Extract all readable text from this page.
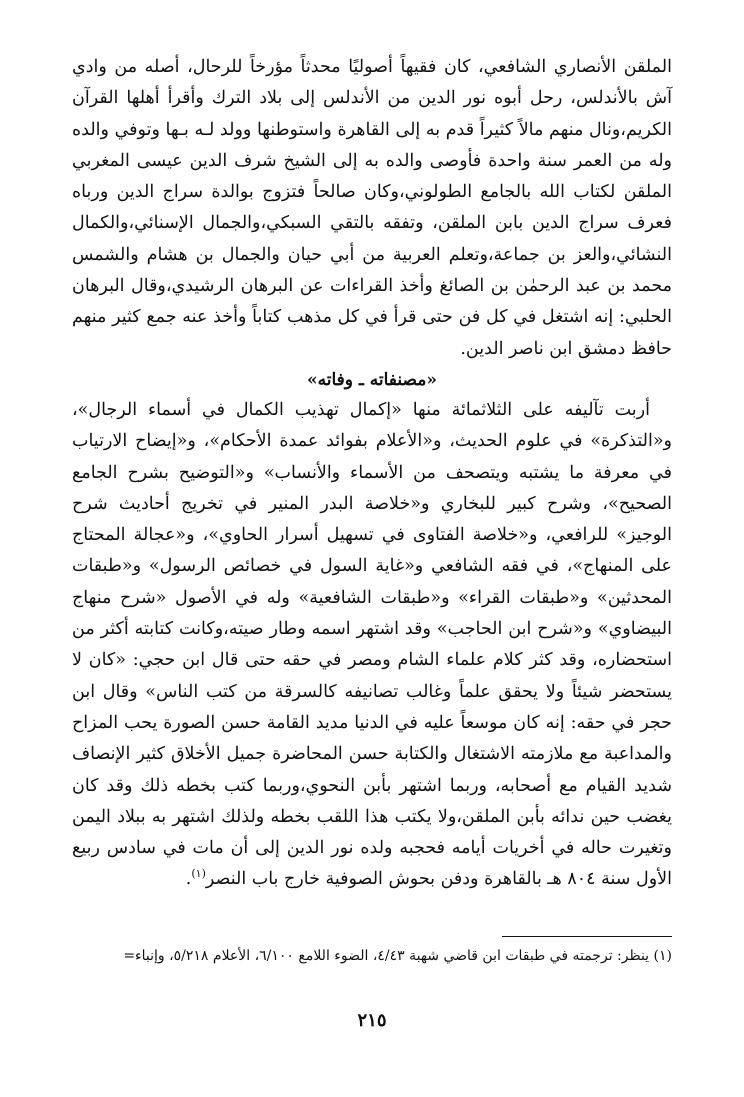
الملقن الأنصاري الشافعي، كان فقيهاً أصوليًا محدثاً مؤرخاً للرحال، أصله من وادي آش بالأندلس، رحل أبوه نور الدين من الأندلس إلى بلاد الترك وأقرأ أهلها القرآن الكريم،ونال منهم مالاً كثيراً قدم به إلى القاهرة واستوطنها وولد لـه بـها وتوفي والده وله من العمر سنة واحدة فأوصى والده به إلى الشيخ شرف الدين عيسى المغربي الملقن لكتاب الله بالجامع الطولوني،وكان صالحاً فتزوج بوالدة سراج الدين ورباه فعرف سراج الدين بابن الملقن، وتفقه بالتقي السبكي،والجمال الإسنائي،والكمال النشائي،والعز بن جماعة،وتعلم العربية من أبي حيان والجمال بن هشام والشمس محمد بن عبد الرحمٰن بن الصائغ وأخذ القراءات عن البرهان الرشيدي،وقال البرهان الحلبي: إنه اشتغل في كل فن حتى قرأ في كل مذهب كتاباً وأخذ عنه جمع كثير منهم حافظ دمشق ابن ناصر الدين.

«مصنفاته ـ وفاته»

أربت تآليفه على الثلاثمائة منها «إكمال تهذيب الكمال في أسماء الرجال»، و«التذكرة» في علوم الحديث، و«الأعلام بفوائد عمدة الأحكام»، و«إيضاح الارتياب في معرفة ما يشتبه ويتصحف من الأسماء والأنساب» و«التوضيح بشرح الجامع الصحيح»، وشرح كبير للبخاري و«خلاصة البدر المنير في تخريج أحاديث شرح الوجيز» للرافعي، و«خلاصة الفتاوى في تسهيل أسرار الحاوي»، و«عجالة المحتاج على المنهاج»، في فقه الشافعي و«غاية السول في خصائص الرسول» و«طبقات المحدثين» و«طبقات القراء» و«طبقات الشافعية» وله في الأصول «شرح منهاج البيضاوي» و«شرح ابن الحاجب» وقد اشتهر اسمه وطار صيته،وكانت كتابته أكثر من استحضاره، وقد كثر كلام علماء الشام ومصر في حقه حتى قال ابن حجي: «كان لا يستحضر شيئاً ولا يحقق علماً وغالب تصانيفه كالسرقة من كتب الناس» وقال ابن حجر في حقه: إنه كان موسعاً عليه في الدنيا مديد القامة حسن الصورة يحب المزاح والمداعبة مع ملازمته الاشتغال والكتابة حسن المحاضرة جميل الأخلاق كثير الإنصاف شديد القيام مع أصحابه، وربما اشتهر بأبن النحوي،وربما كتب بخطه ذلك وقد كان يغضب حين ندائه بأبن الملقن،ولا يكتب هذا اللقب بخطه ولذلك اشتهر به ببلاد اليمن وتغيرت حاله في أخريات أيامه فحجبه ولده نور الدين إلى أن مات في سادس ربيع الأول سنة ٨٠٤ هـ بالقاهرة ودفن بحوش الصوفية خارج باب النصر$^{(١)}$.

(١) ينظر: ترجمته في طبقات ابن قاضي شهبة ٤/٤٣، الضوء اللامع ٦/١٠٠، الأعلام ٥/٢١٨، وإنباء=

٢١٥
